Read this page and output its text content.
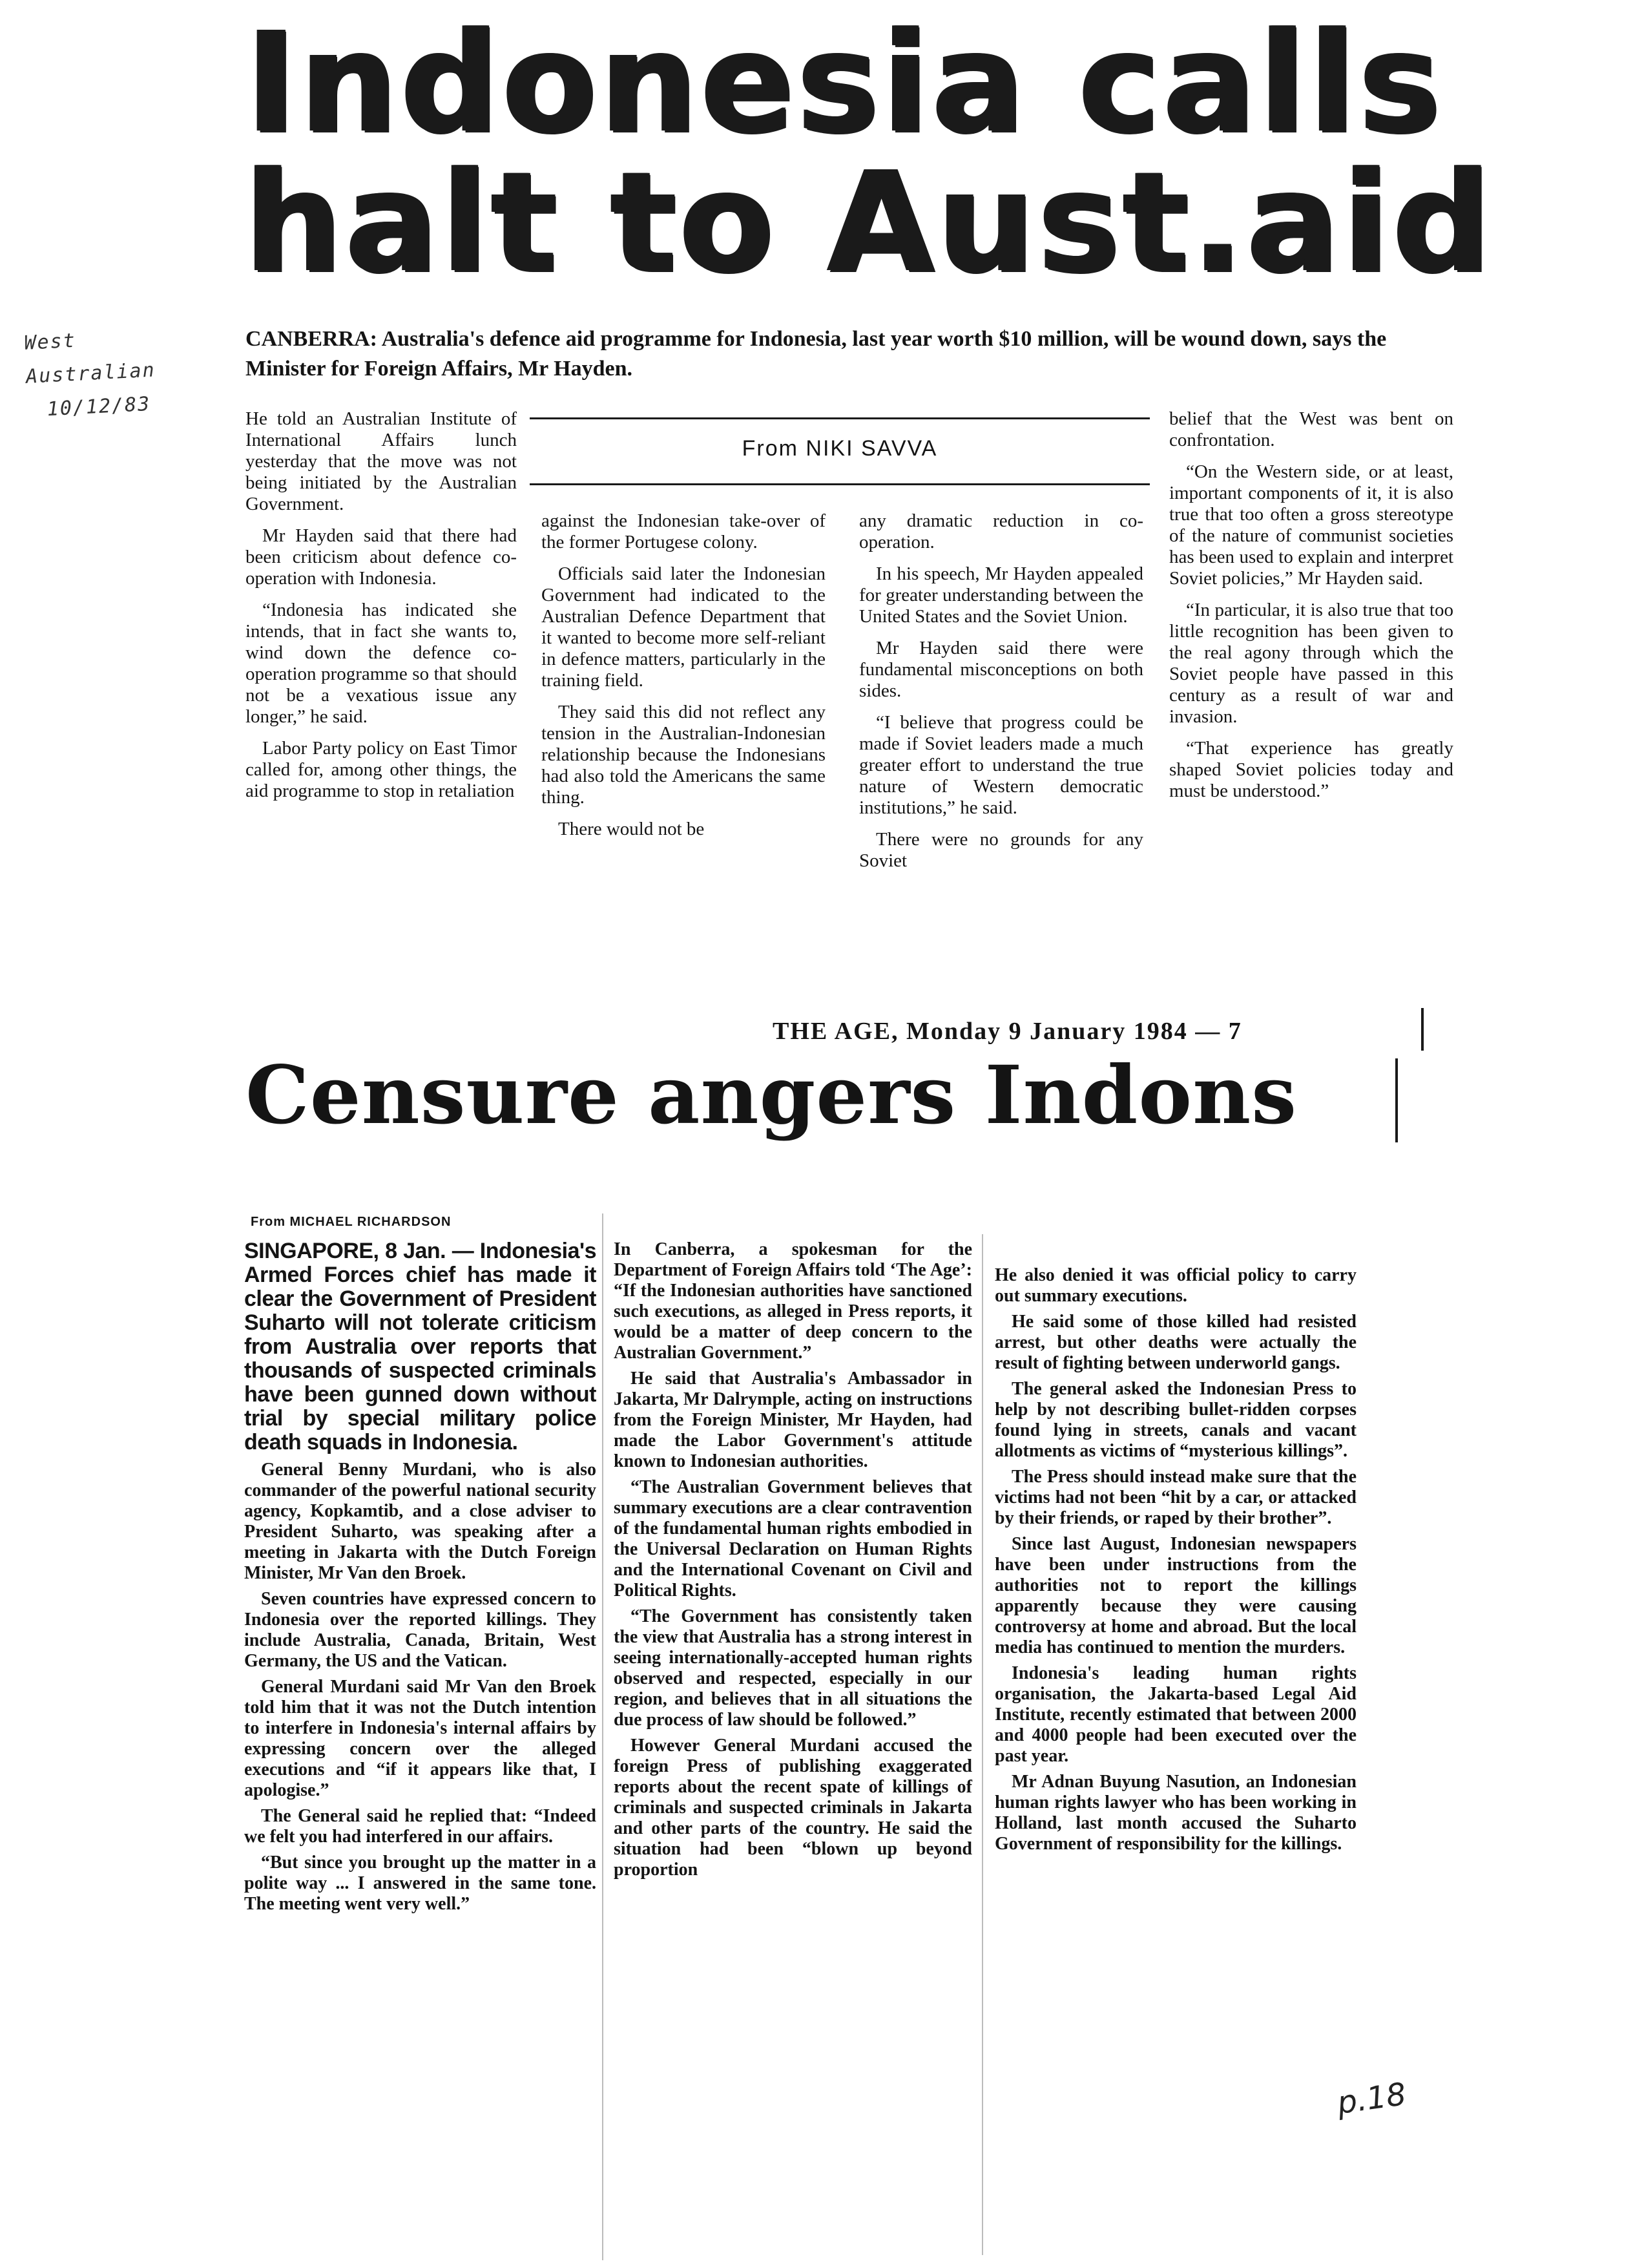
Indonesia calls
halt to Aust.aid
West
Australian
10/12/83

CANBERRA: Australia's defence aid programme for Indonesia, last year worth $10 million, will be wound down, says the Minister for Foreign Affairs, Mr Hayden.

From NIKI SAVVA

He told an Australian Institute of International Affairs lunch yesterday that the move was not being initiated by the Australian Government.

Mr Hayden said that there had been criticism about defence co-operation with Indonesia.

“Indonesia has indicated she intends, that in fact she wants to, wind down the defence co-operation programme so that should not be a vexatious issue any longer,” he said.

Labor Party policy on East Timor called for, among other things, the aid programme to stop in retaliation

against the Indonesian take-over of the former Portugese colony.

Officials said later the Indonesian Government had indicated to the Australian Defence Department that it wanted to become more self-reliant in defence matters, particularly in the training field.

They said this did not reflect any tension in the Australian-Indonesian relationship because the Indonesians had also told the Americans the same thing.

There would not be

any dramatic reduction in co-operation.

In his speech, Mr Hayden appealed for greater understanding between the United States and the Soviet Union.

Mr Hayden said there were fundamental misconceptions on both sides.

“I believe that progress could be made if Soviet leaders made a much greater effort to understand the true nature of Western democratic institutions,” he said.

There were no grounds for any Soviet

belief that the West was bent on confrontation.

“On the Western side, or at least, important components of it, it is also true that too often a gross stereotype of the nature of communist societies has been used to explain and interpret Soviet policies,” Mr Hayden said.

“In particular, it is also true that too little recognition has been given to the real agony through which the Soviet people have passed in this century as a result of war and invasion.

“That experience has greatly shaped Soviet policies today and must be understood.”

THE AGE, Monday 9 January 1984 — 7

Censure angers Indons
From MICHAEL RICHARDSON

SINGAPORE, 8 Jan. — Indonesia's Armed Forces chief has made it clear the Government of President Suharto will not tolerate criticism from Australia over reports that thousands of suspected criminals have been gunned down without trial by special military police death squads in Indonesia.

General Benny Murdani, who is also commander of the powerful national security agency, Kopkamtib, and a close adviser to President Suharto, was speaking after a meeting in Jakarta with the Dutch Foreign Minister, Mr Van den Broek.

Seven countries have expressed concern to Indonesia over the reported killings. They include Australia, Canada, Britain, West Germany, the US and the Vatican.

General Murdani said Mr Van den Broek told him that it was not the Dutch intention to interfere in Indonesia's internal affairs by expressing concern over the alleged executions and “if it appears like that, I apologise.”

The General said he replied that: “Indeed we felt you had interfered in our affairs.

“But since you brought up the matter in a polite way ... I answered in the same tone. The meeting went very well.”

In Canberra, a spokesman for the Department of Foreign Affairs told ‘The Age’: “If the Indonesian authorities have sanctioned such executions, as alleged in Press reports, it would be a matter of deep concern to the Australian Government.”

He said that Australia's Ambassador in Jakarta, Mr Dalrymple, acting on instructions from the Foreign Minister, Mr Hayden, had made the Labor Government's attitude known to Indonesian authorities.

“The Australian Government believes that summary executions are a clear contravention of the fundamental human rights embodied in the Universal Declaration on Human Rights and the International Covenant on Civil and Political Rights.

“The Government has consistently taken the view that Australia has a strong interest in seeing internationally-accepted human rights observed and respected, especially in our region, and believes that in all situations the due process of law should be followed.”

However General Murdani accused the foreign Press of publishing exaggerated reports about the recent spate of killings of criminals and suspected criminals in Jakarta and other parts of the country. He said the situation had been “blown up beyond proportion

He also denied it was official policy to carry out summary executions.

He said some of those killed had resisted arrest, but other deaths were actually the result of fighting between underworld gangs.

The general asked the Indonesian Press to help by not describing bullet-ridden corpses found lying in streets, canals and vacant allotments as victims of “mysterious killings”.

The Press should instead make sure that the victims had not been “hit by a car, or attacked by their friends, or raped by their brother”.

Since last August, Indonesian newspapers have been under instructions from the authorities not to report the killings apparently because they were causing controversy at home and abroad. But the local media has continued to mention the murders.

Indonesia's leading human rights organisation, the Jakarta-based Legal Aid Institute, recently estimated that between 2000 and 4000 people had been executed over the past year.

Mr Adnan Buyung Nasution, an Indonesian human rights lawyer who has been working in Holland, last month accused the Suharto Government of responsibility for the killings.

p.18
